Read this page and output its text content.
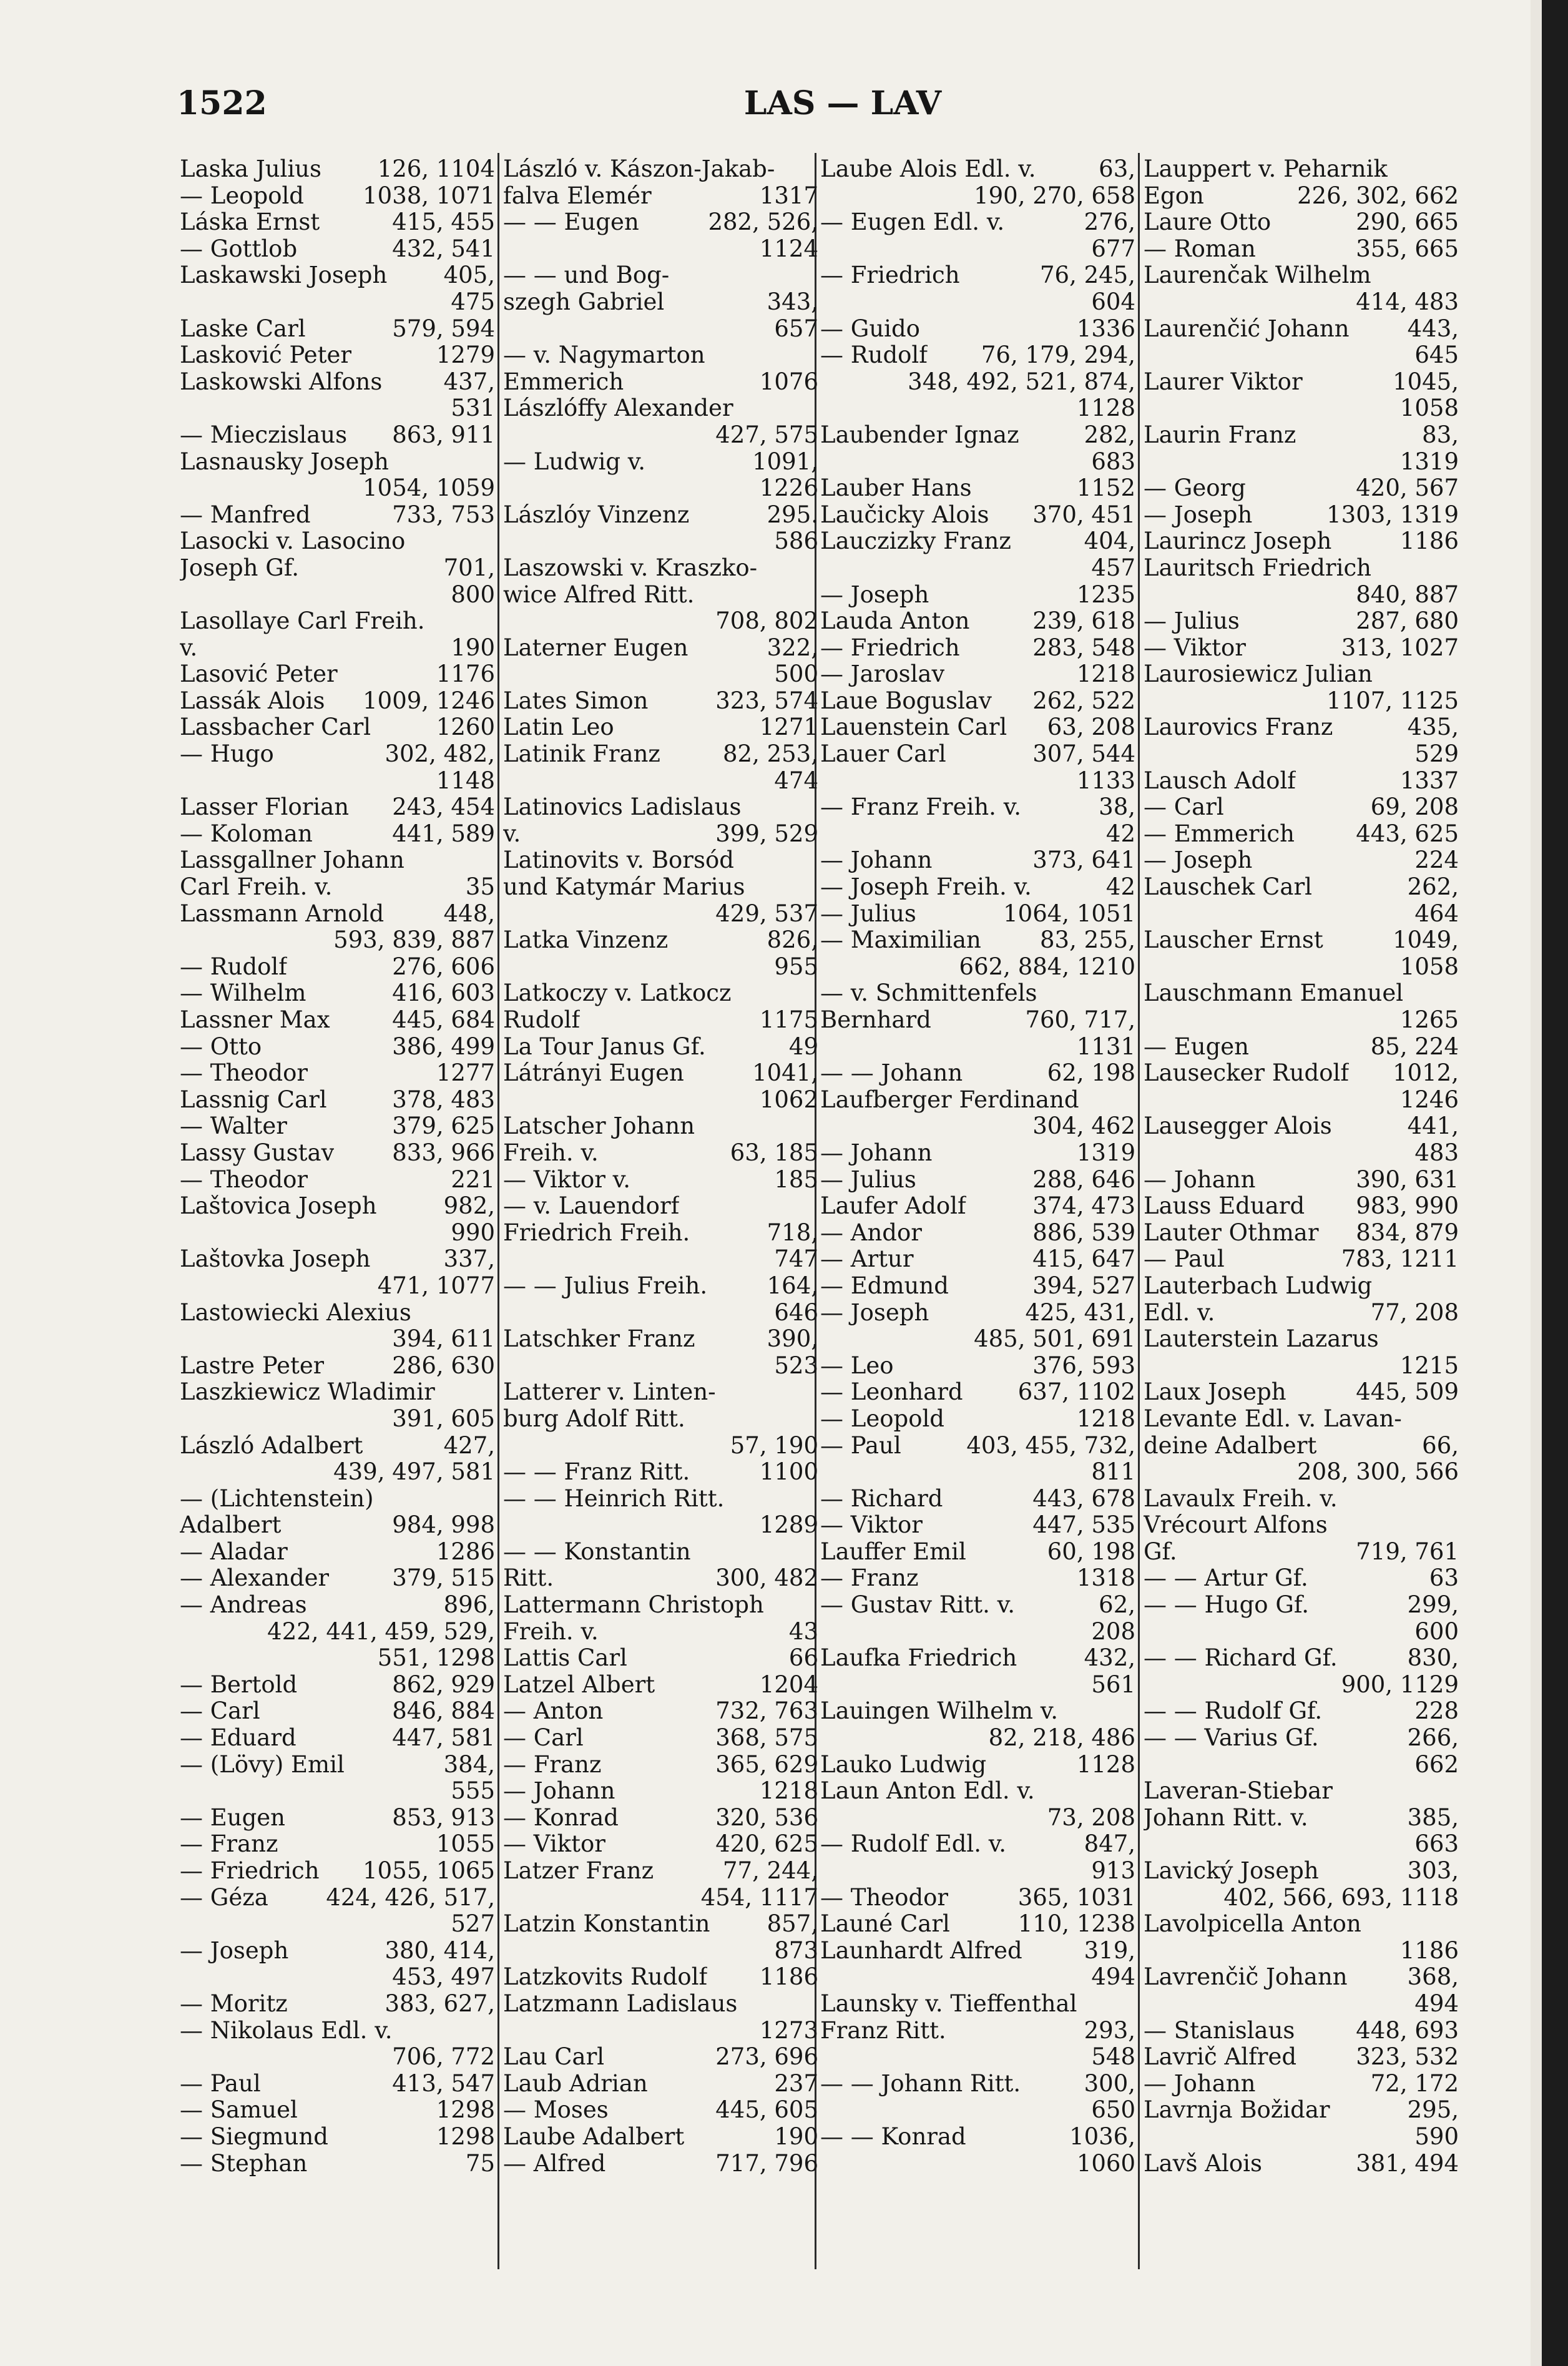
1522	LAS — LAV
Laska Julius 126, 1104
— Leopold	1038, 1071
Láska Ernst	415, 455
— Gottlob	432, 541
Laskawski Joseph 405,
475
Laske Carl	579, 594
Lasković Peter	1279
Laskowski Alfons	437,
531
— Mieczislaus 863, 911
Lasnausky Joseph
1054, 1059
— Manfred	733, 753
Lasocki v. Lasocino
Joseph Gf.	701,
800
Lasollaye Carl Freih.
v.	190
Lasović Peter	1176
Lassák Alois 1009, 1246
Lassbacher Carl	1260
— Hugo	302, 482,
1148
Lasser Florian 243, 454
— Koloman	441, 589
Lassgallner Johann
Carl Freih. v.	35
Lassmann Arnold	448,
593, 839, 887
— Rudolf	276, 606
— Wilhelm	416, 603
Lassner Max	445, 684
— Otto	386, 499
— Theodor	1277
Lassnig Carl	378, 483
— Walter	379, 625
Lassy Gustav	833, 966
— Theodor	221
Laštovica Joseph	982,
990
Laštovka Joseph	337,
471, 1077
Lastowiecki Alexius
394, 611
Lastre Peter	286, 630
Laszkiewicz Wladimir
391, 605
László Adalbert	427,
439, 497, 581
— (Lichtenstein)
Adalbert	984, 998
— Aladar	1286
— Alexander	379, 515
— Andreas	896,
422, 441, 459, 529,
551, 1298
— Bertold	862, 929
— Carl	846, 884
— Eduard	447, 581
— (Lövy) Emil	384,
555
— Eugen	853, 913
— Franz	1055
— Friedrich 1055, 1065
— Géza	424, 426, 517,
527
— Joseph	380, 414,
453, 497
— Moritz	383, 627,
— Nikolaus Edl. v.
706, 772
— Paul	413, 547
— Samuel	1298
— Siegmund	1298
— Stephan	75
László v. Kászon-Jakab-
falva Elemér	1317
— — Eugen	282, 526,
1124
— — und Bog-
szegh Gabriel	343,
657
— v. Nagymarton
Emmerich	1076
Lászlóffy Alexander
427, 575
— Ludwig v.	1091,
1226
Lászlóy Vinzenz	295.
586
Laszowski v. Kraszko-
wice Alfred Ritt.
708, 802
Laterner Eugen	322,
500
Lates Simon	323, 574
Latin Leo	1271
Latinik Franz	82, 253,
474
Latinovics Ladislaus
v.	399, 529
Latinovits v. Borsód
und Katymár Marius
429, 537
Latka Vinzenz	826,
955
Latkoczy v. Latkocz
Rudolf	1175
La Tour Janus Gf.	49
Látrányi Eugen	1041,
1062
Latscher Johann
Freih. v.	63, 185
— Viktor v.	185
— v. Lauendorf
Friedrich Freih.	718,
747
— — Julius Freih.	164,
646
Latschker Franz	390,
523
Latterer v. Linten-
burg Adolf Ritt.
57, 190
— — Franz Ritt.	1100
— — Heinrich Ritt.
1289
— — Konstantin
Ritt.	300, 482
Lattermann Christoph
Freih. v.	43
Lattis Carl	66
Latzel Albert	1204
— Anton	732, 763
— Carl	368, 575
— Franz	365, 629
— Johann	1218
— Konrad	320, 536
— Viktor	420, 625
Latzer Franz	77, 244,
454, 1117
Latzin Konstantin 857,
873
Latzkovits Rudolf 1186
Latzmann Ladislaus
1273
Lau Carl	273, 696
Laub Adrian	237
— Moses	445, 605
Laube Adalbert	190
— Alfred	717, 796
Laube Alois Edl. v.	63,
190, 270, 658
— Eugen Edl. v.	276,
677
— Friedrich	76, 245,
604
— Guido	1336
— Rudolf 76, 179, 294,
348, 492, 521, 874,
1128
Laubender Ignaz	282,
683
Lauber Hans	1152
Laučicky Alois 370, 451
Lauczizky Franz	404,
457
— Joseph	1235
Lauda Anton	239, 618
— Friedrich	283, 548
— Jaroslav	1218
Laue Boguslav 262, 522
Lauenstein Carl 63, 208
Lauer Carl	307, 544
1133
— Franz Freih. v.	38,
42
— Johann	373, 641
— Joseph Freih. v.	42
— Julius	1064, 1051
— Maximilian	83, 255,
662, 884, 1210
— v. Schmittenfels
Bernhard	760, 717,
1131
— — Johann	62, 198
Laufberger Ferdinand
304, 462
— Johann	1319
— Julius	288, 646
Laufer Adolf	374, 473
— Andor	886, 539
— Artur	415, 647
— Edmund	394, 527
— Joseph	425, 431,
485, 501, 691
— Leo	376, 593
— Leonhard 637, 1102
— Leopold	1218
— Paul	403, 455, 732,
811
— Richard	443, 678
— Viktor	447, 535
Lauffer Emil	60, 198
— Franz	1318
— Gustav Ritt. v.	62,
208
Laufka Friedrich	432,
561
Lauingen Wilhelm v.
82, 218, 486
Lauko Ludwig	1128
Laun Anton Edl. v.
73, 208
— Rudolf Edl. v.	847,
913
— Theodor	365, 1031
Launé Carl	110, 1238
Launhardt Alfred	319,
494
Launsky v. Tieffenthal
Franz Ritt.	293,
548
— — Johann Ritt.	300,
650
— — Konrad	1036,
1060
Lauppert v. Peharnik
Egon	226, 302, 662
Laure Otto	290, 665
— Roman	355, 665
Laurenčak Wilhelm
414, 483
Laurenčić Johann	443,
645
Laurer Viktor	1045,
1058
Laurin Franz	83,
1319
— Georg	420, 567
— Joseph	1303, 1319
Laurincz Joseph	1186
Lauritsch Friedrich
840, 887
— Julius	287, 680
— Viktor	313, 1027
Laurosiewicz Julian
1107, 1125
Laurovics Franz	435,
529
Lausch Adolf	1337
— Carl	69, 208
— Emmerich	443, 625
— Joseph	224
Lauschek Carl	262,
464
Lauscher Ernst	1049,
1058
Lauschmann Emanuel
1265
— Eugen	85, 224
Lausecker Rudolf 1012,
1246
Lausegger Alois	441,
483
— Johann	390, 631
Lauss Eduard 983, 990
Lauter Othmar 834, 879
— Paul	783, 1211
Lauterbach Ludwig
Edl. v.	77, 208
Lauterstein Lazarus
1215
Laux Joseph	445, 509
Levante Edl. v. Lavan-
deine Adalbert	66,
208, 300, 566
Lavaulx Freih. v.
Vrécourt Alfons
Gf.	719, 761
— — Artur Gf.	63
— — Hugo Gf.	299,
600
— — Richard Gf.	830,
900, 1129
— — Rudolf Gf.	228
— — Varius Gf.	266,
662
Laveran-Stiebar
Johann Ritt. v.	385,
663
Lavický Joseph	303,
402, 566, 693, 1118
Lavolpicella Anton
1186
Lavrenčič Johann	368,
494
— Stanislaus	448, 693
Lavrič Alfred	323, 532
— Johann	72, 172
Lavrnja Božidar	295,
590
Lavš Alois	381, 494
